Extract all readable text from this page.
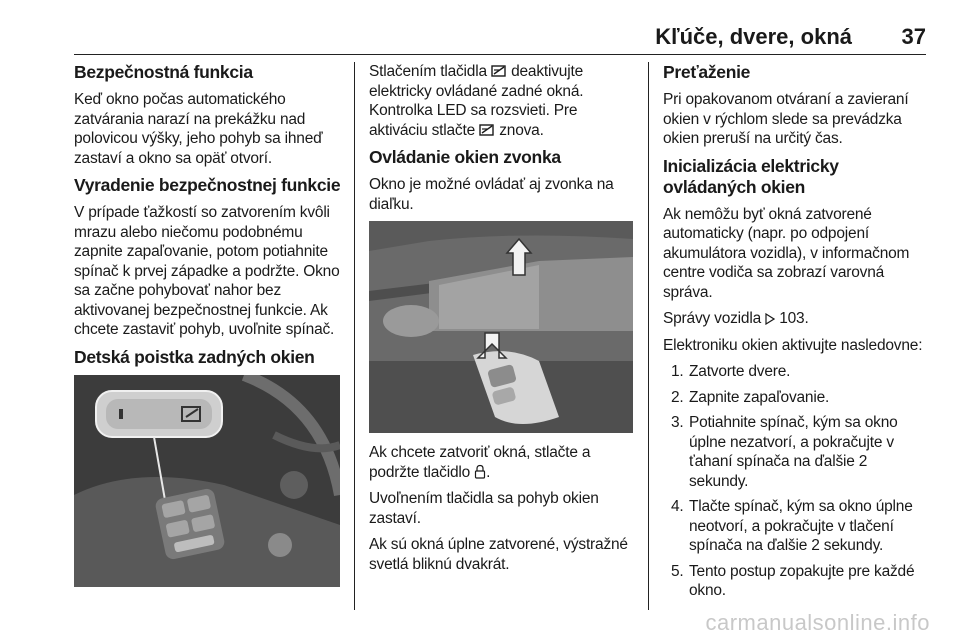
Kľúče, dvere, okná 37
Bezpečnostná funkcia

Keď okno počas automatického zatvárania narazí na prekážku nad polovicou výšky, jeho pohyb sa ihneď zastaví a okno sa opäť otvorí.

Vyradenie bezpečnostnej funkcie

V prípade ťažkostí so zatvorením kvôli mrazu alebo niečomu podobnému zapnite zapaľovanie, potom potiahnite spínač k prvej západke a podržte. Okno sa začne pohybovať nahor bez aktivovanej bezpečnostnej funkcie. Ak chcete zastaviť pohyb, uvoľnite spínač.

Detská poistka zadných okien

Stlačením tlačidla deaktivujte elektricky ovládané zadné okná. Kontrolka LED sa rozsvieti. Pre aktiváciu stlačte znova.

Ovládanie okien zvonka

Okno je možné ovládať aj zvonka na diaľku.

Ak chcete zatvoriť okná, stlačte a podržte tlačidlo .

Uvoľnením tlačidla sa pohyb okien zastaví.

Ak sú okná úplne zatvorené, výstražné svetlá bliknú dvakrát.

Preťaženie

Pri opakovanom otváraní a zavieraní okien v rýchlom slede sa prevádzka okien preruší na určitý čas.

Inicializácia elektricky ovládaných okien

Ak nemôžu byť okná zatvorené automaticky (napr. po odpojení akumulátora vozidla), v informačnom centre vodiča sa zobrazí varovná správa.

Správy vozidla 103.

Elektroniku okien aktivujte nasledovne:

1. Zatvorte dvere.
2. Zapnite zapaľovanie.
3. Potiahnite spínač, kým sa okno úplne nezatvorí, a pokračujte v ťahaní spínača na ďalšie 2 sekundy.
4. Tlačte spínač, kým sa okno úplne neotvorí, a pokračujte v tlačení spínača na ďalšie 2 sekundy.
5. Tento postup zopakujte pre každé okno.
carmanualsonline.info
